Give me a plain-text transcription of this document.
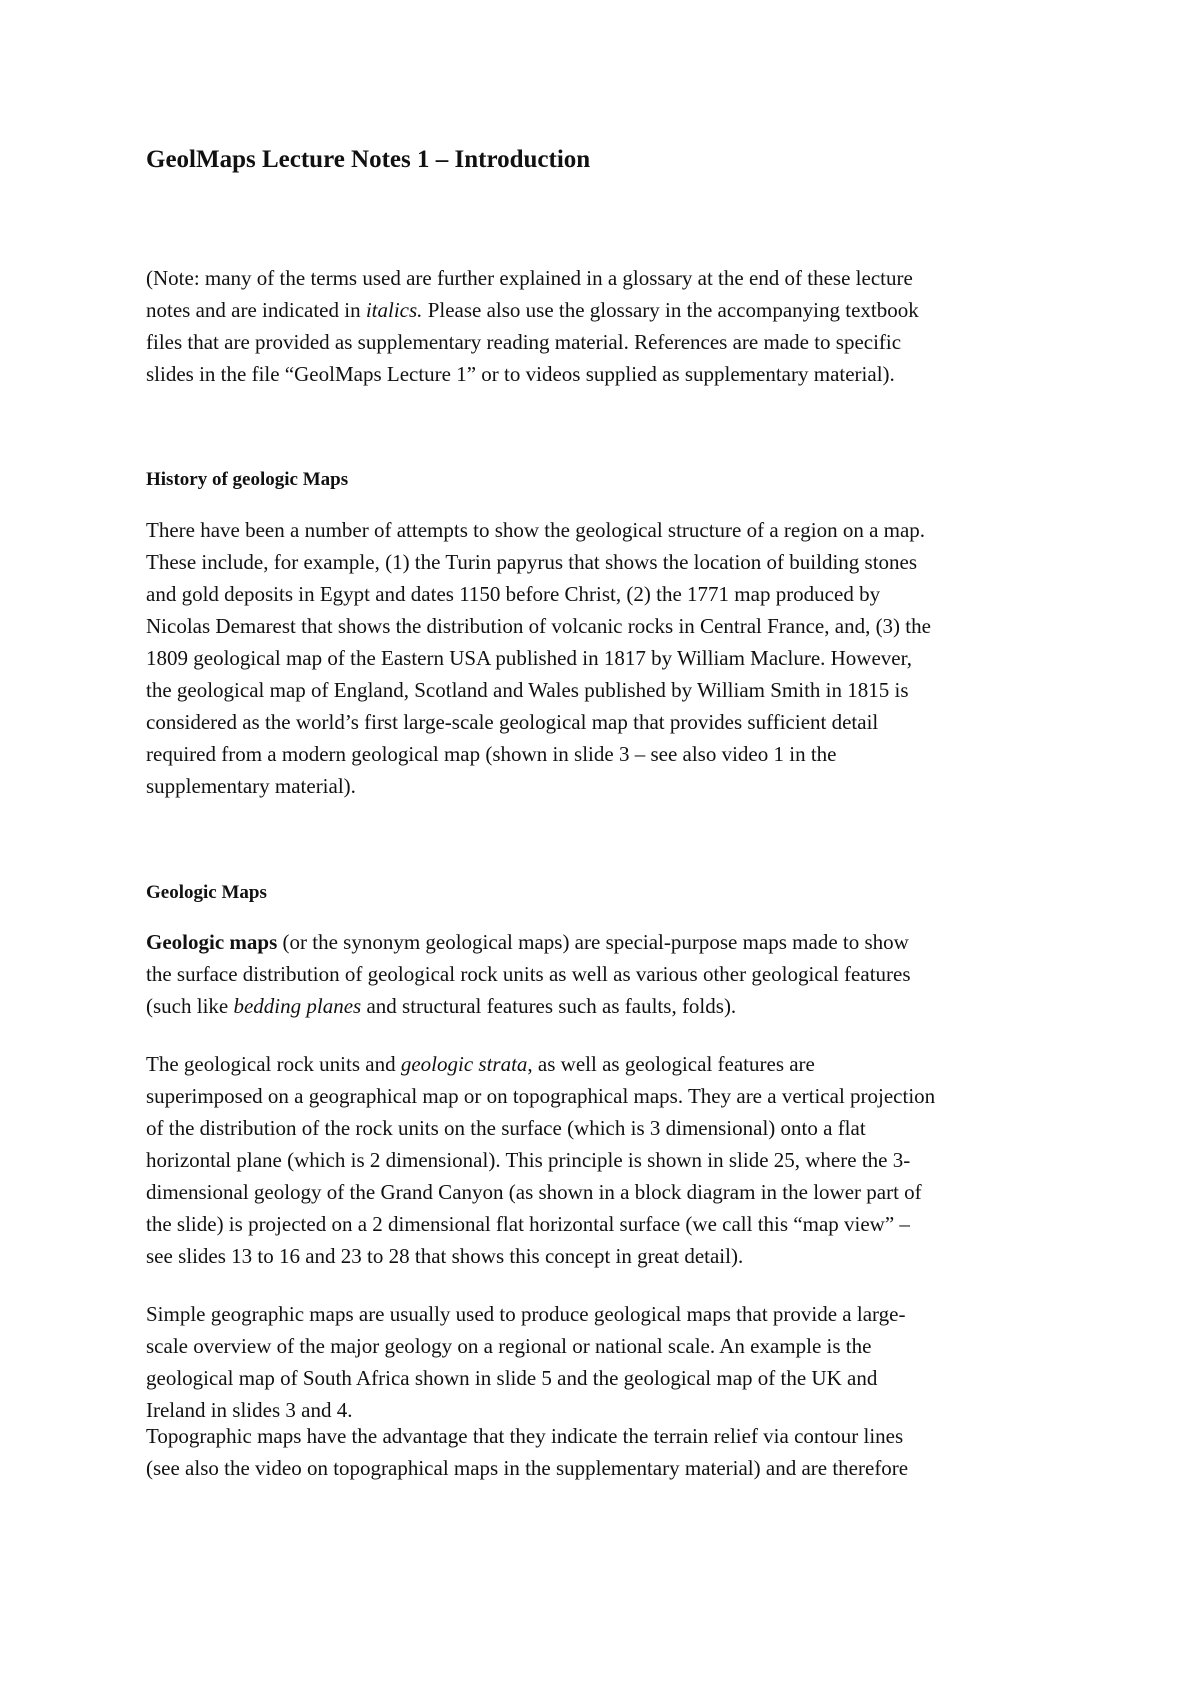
GeolMaps Lecture Notes 1 – Introduction
(Note: many of the terms used are further explained in a glossary at the end of these lecture
notes and are indicated in italics. Please also use the glossary in the accompanying textbook
files that are provided as supplementary reading material. References are made to specific
slides in the file “GeolMaps Lecture 1” or to videos supplied as supplementary material).
History of geologic Maps
There have been a number of attempts to show the geological structure of a region on a map.
These include, for example, (1) the Turin papyrus that shows the location of building stones
and gold deposits in Egypt and dates 1150 before Christ, (2) the 1771 map produced by
Nicolas Demarest that shows the distribution of volcanic rocks in Central France, and, (3) the
1809 geological map of the Eastern USA published in 1817 by William Maclure. However,
the geological map of England, Scotland and Wales published by William Smith in 1815 is
considered as the world’s first large-scale geological map that provides sufficient detail
required from a modern geological map (shown in slide 3 – see also video 1 in the
supplementary material).
Geologic Maps
Geologic maps (or the synonym geological maps) are special-purpose maps made to show
the surface distribution of geological rock units as well as various other geological features
(such like bedding planes and structural features such as faults, folds).
The geological rock units and geologic strata, as well as geological features are
superimposed on a geographical map or on topographical maps. They are a vertical projection
of the distribution of the rock units on the surface (which is 3 dimensional) onto a flat
horizontal plane (which is 2 dimensional). This principle is shown in slide 25, where the 3-
dimensional geology of the Grand Canyon (as shown in a block diagram in the lower part of
the slide) is projected on a 2 dimensional flat horizontal surface (we call this “map view” –
see slides 13 to 16 and 23 to 28 that shows this concept in great detail).
Simple geographic maps are usually used to produce geological maps that provide a large-
scale overview of the major geology on a regional or national scale. An example is the
geological map of South Africa shown in slide 5 and the geological map of the UK and
Ireland in slides 3 and 4.
Topographic maps have the advantage that they indicate the terrain relief via contour lines
(see also the video on topographical maps in the supplementary material) and are therefore
